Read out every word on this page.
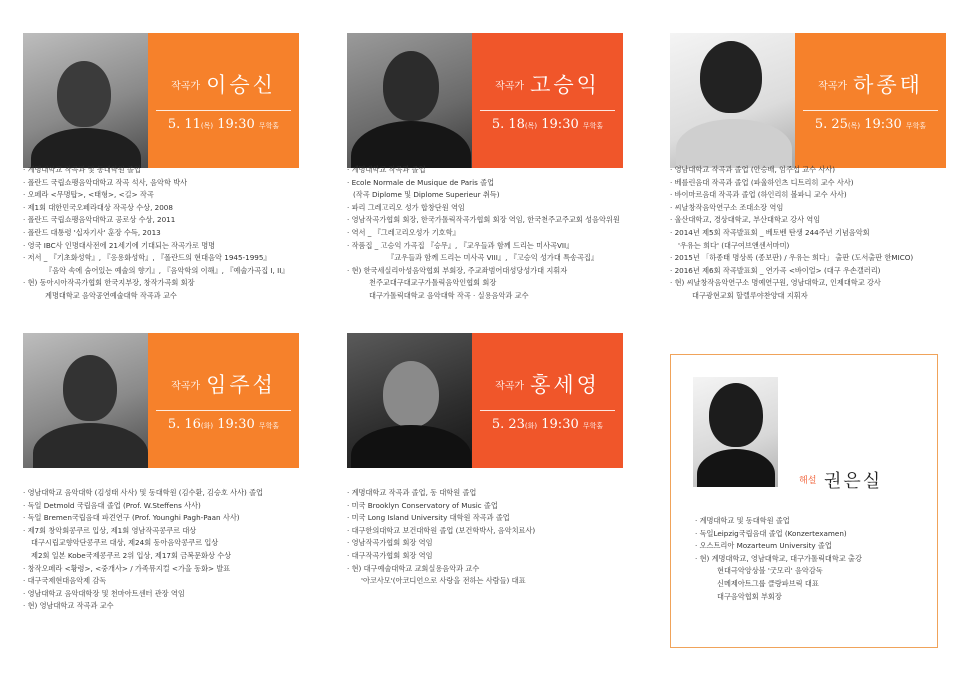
작곡가 이승신
5. 11(목) 19:30 무학홀
· 계명대학교 작곡과 및 동대학원 졸업
· 폴란드 국립쇼팽음악대학교 작곡 석사, 음악학 박사
· 오페라 <무명탑>, <태형>, <길> 작곡
· 제1회 대한민국오페라대상 작곡상 수상, 2008
· 폴란드 국립쇼팽음악대학교 공로상 수상, 2011
· 폴란드 대통령 '십자기사' 훈장 수득, 2013
· 영국 IBC사 인명대사전에 21세기에 기대되는 작곡가로 명명
· 저서 _ 『기초화성학』, 『응용화성학』, 『폴란드의 현대음악 1945-1995』
『음악 속에 숨어있는 예술의 향기』, 『음악학의 이해』, 『예술가곡집 I, II』
· 현) 동아시아작곡가협회 한국지부장, 창작가곡회 회장
계명대학교 음악공연예술대학 작곡과 교수
작곡가 고승익
5. 18(목) 19:30 무학홀
· 계명대학교 작곡과 졸업
· Ecole Normale de Musique de Paris 졸업
(작곡 Diplome 및 Diplome Superieur 취득)
· 파리 그레고리오 성가 합창단원 역임
· 영남작곡가협회 회장, 한국가톨릭작곡가협회 회장 역임, 한국천주교주교회 성음악위원
· 역서 _ 『그레고리오성가 기호학』
· 작품집 _ 고승익 가곡집 『승무』, 『교우들과 함께 드리는 미사곡VII』
『교우들과 함께 드리는 미사곡 VIII』, 『고승익 성가대 특송곡집』
· 현) 한국세실리아성음악협회 부회장, 주교좌범어대성당성가대 지휘자
천주교대구대교구가톨릭음악인협회 회장
대구가톨릭대학교 음악대학 작곡 · 실용음악과 교수
작곡가 하종태
5. 25(목) 19:30 무학홀
· 영남대학교 작곡과 졸업 (안승배, 임주섭 교수 사사)
· 베를린음대 작곡과 졸업 (파울하인츠 디트리히 교수 사사)
· 바이마르음대 작곡과 졸업 (하인리히 볼파니 교수 사사)
· 씨날창작음악연구소 조대소장 역임
· 울산대학교, 경상대학교, 부산대학교 강사 역임
· 2014년 제5회 작곡발표회 _ 베토벤 탄생 244주년 기념음악회
'우유는 희다' (대구여브앤센서마미)
· 2015년 「하종태 명상록 (종보판) / 우유는 희다」 출판 (도서출판 한MICO)
· 2016년 제6회 작곡발표회 _ 연가곡 <바이얼> (대구 우손갤러리)
· 현) 씨날창작음악연구소 명예연구원, 영남대학교, 인제대학교 강사
대구광현교회 할렐루야찬양대 지휘자
작곡가 임주섭
5. 16(화) 19:30 무학홀
· 영남대학교 음악대학 (김성태 사사) 및 동대학원 (김수환, 김승호 사사) 졸업
· 독일 Detmold 국립음대 졸업 (Prof. W.Steffens 사사)
· 독일 Bremen국립음대 파견연구 (Prof. Younghi Pagh-Paan 사사)
· 제7회 창악회콩쿠르 입상, 제1회 영남작곡콩쿠르 대상
대구시립교향악단콩쿠르 대상, 제24회 동아음악콩쿠르 입상
제2회 일본 Kobe국제콩쿠르 2위 입상, 제17회 금복문화상 수상
· 창작오페라 <황령>, <중개사> / 가족뮤지컬 <가을 동화> 발표
· 대구국제현대음악제 감독
· 영남대학교 음악대학장 및 천마아트센터 관장 역임
· 현) 영남대학교 작곡과 교수
작곡가 홍세영
5. 23(화) 19:30 무학홀
· 계명대학교 작곡과 졸업, 동 대학원 졸업
· 미국 Brooklyn Conservatory of Music 졸업
· 미국 Long Island University 대학원 작곡과 졸업
· 대구한의대학교 보건대학원 졸업 (보건학박사, 음악치료사)
· 영남작곡가협회 회장 역임
· 대구작곡가협회 회장 역임
· 현) 대구예술대학교 교회실용음악과 교수
'아코사모'(아코디언으로 사랑을 전하는 사람들) 대표
해설 권은실
· 계명대학교 및 동대학원 졸업
· 독일Leipzig국립음대 졸업 (Konzertexamen)
· 오스트리아 Mozarteum University 졸업
· 현) 계명대학교, 영남대학교, 대구가톨릭대학교 출강
현대극악앙상블 '굿모리' 음악감독
신메제아트그룹 클랑파브릭 대표
대구음악협회 부회장
